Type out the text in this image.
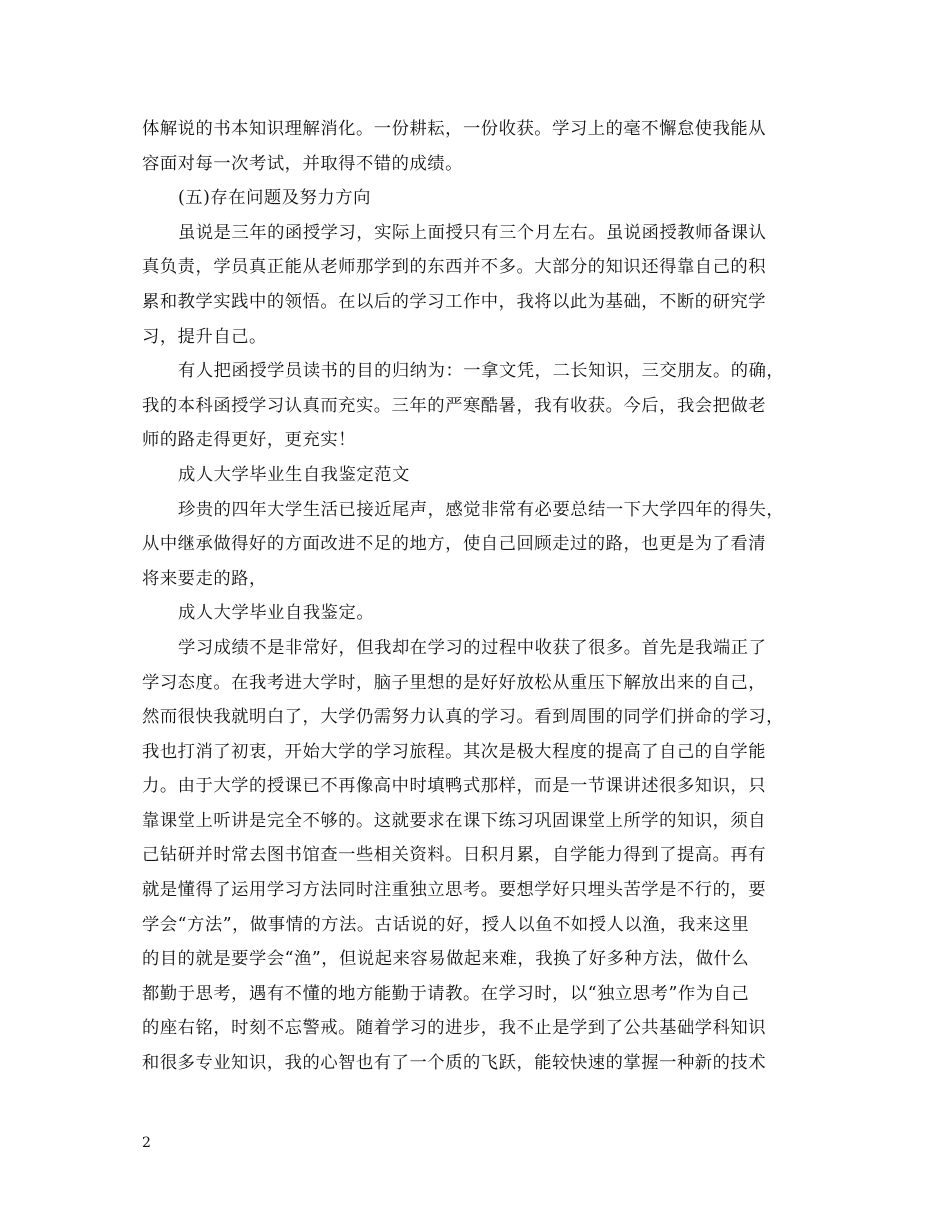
体解说的书本知识理解消化。一份耕耘，一份收获。学习上的毫不懈怠使我能从
容面对每一次考试，并取得不错的成绩。
(五)存在问题及努力方向
虽说是三年的函授学习，实际上面授只有三个月左右。虽说函授教师备课认
真负责，学员真正能从老师那学到的东西并不多。大部分的知识还得靠自己的积
累和教学实践中的领悟。在以后的学习工作中，我将以此为基础，不断的研究学
习，提升自己。
有人把函授学员读书的目的归纳为：一拿文凭，二长知识，三交朋友。的确，
我的本科函授学习认真而充实。三年的严寒酷暑，我有收获。今后，我会把做老
师的路走得更好，更充实！
成人大学毕业生自我鉴定范文
珍贵的四年大学生活已接近尾声，感觉非常有必要总结一下大学四年的得失，
从中继承做得好的方面改进不足的地方，使自己回顾走过的路，也更是为了看清
将来要走的路，
成人大学毕业自我鉴定。
学习成绩不是非常好，但我却在学习的过程中收获了很多。首先是我端正了
学习态度。在我考进大学时，脑子里想的是好好放松从重压下解放出来的自己，
然而很快我就明白了，大学仍需努力认真的学习。看到周围的同学们拼命的学习，
我也打消了初衷，开始大学的学习旅程。其次是极大程度的提高了自己的自学能
力。由于大学的授课已不再像高中时填鸭式那样，而是一节课讲述很多知识，只
靠课堂上听讲是完全不够的。这就要求在课下练习巩固课堂上所学的知识，须自
己钻研并时常去图书馆查一些相关资料。日积月累，自学能力得到了提高。再有
就是懂得了运用学习方法同时注重独立思考。要想学好只埋头苦学是不行的，要
学会“方法”，做事情的方法。古话说的好，授人以鱼不如授人以渔，我来这里
的目的就是要学会“渔”，但说起来容易做起来难，我换了好多种方法，做什么
都勤于思考，遇有不懂的地方能勤于请教。在学习时，以“独立思考”作为自己
的座右铭，时刻不忘警戒。随着学习的进步，我不止是学到了公共基础学科知识
和很多专业知识，我的心智也有了一个质的飞跃，能较快速的掌握一种新的技术
2
